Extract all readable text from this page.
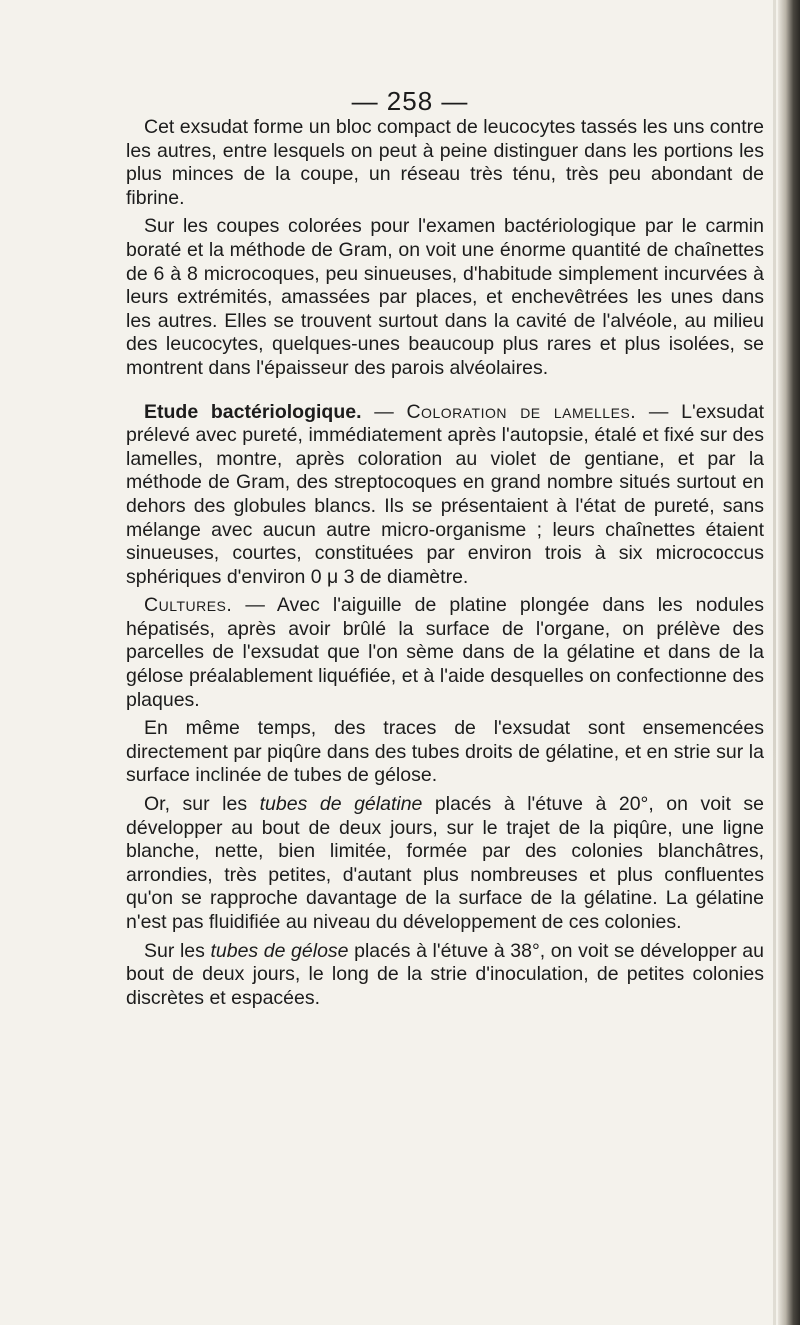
— 258 —

Cet exsudat forme un bloc compact de leucocytes tassés les uns contre les autres, entre lesquels on peut à peine distinguer dans les portions les plus minces de la coupe, un réseau très ténu, très peu abondant de fibrine.

Sur les coupes colorées pour l'examen bactériologique par le carmin boraté et la méthode de Gram, on voit une énorme quantité de chaînettes de 6 à 8 microcoques, peu sinueuses, d'habitude simplement incurvées à leurs extrémités, amassées par places, et enchevêtrées les unes dans les autres. Elles se trouvent surtout dans la cavité de l'alvéole, au milieu des leucocytes, quelques-unes beaucoup plus rares et plus isolées, se montrent dans l'épaisseur des parois alvéolaires.

Etude bactériologique. — Coloration de lamelles. — L'exsudat prélevé avec pureté, immédiatement après l'autopsie, étalé et fixé sur des lamelles, montre, après coloration au violet de gentiane, et par la méthode de Gram, des streptocoques en grand nombre situés surtout en dehors des globules blancs. Ils se présentaient à l'état de pureté, sans mélange avec aucun autre micro-organisme ; leurs chaînettes étaient sinueuses, courtes, constituées par environ trois à six micrococcus sphériques d'environ 0 μ 3 de diamètre.

Cultures. — Avec l'aiguille de platine plongée dans les nodules hépatisés, après avoir brûlé la surface de l'organe, on prélève des parcelles de l'exsudat que l'on sème dans de la gélatine et dans de la gélose préalablement liquéfiée, et à l'aide desquelles on confectionne des plaques.

En même temps, des traces de l'exsudat sont ensemencées directement par piqûre dans des tubes droits de gélatine, et en strie sur la surface inclinée de tubes de gélose.

Or, sur les tubes de gélatine placés à l'étuve à 20°, on voit se développer au bout de deux jours, sur le trajet de la piqûre, une ligne blanche, nette, bien limitée, formée par des colonies blanchâtres, arrondies, très petites, d'autant plus nombreuses et plus confluentes qu'on se rapproche davantage de la surface de la gélatine. La gélatine n'est pas fluidifiée au niveau du développement de ces colonies.

Sur les tubes de gélose placés à l'étuve à 38°, on voit se développer au bout de deux jours, le long de la strie d'inoculation, de petites colonies discrètes et espacées.
